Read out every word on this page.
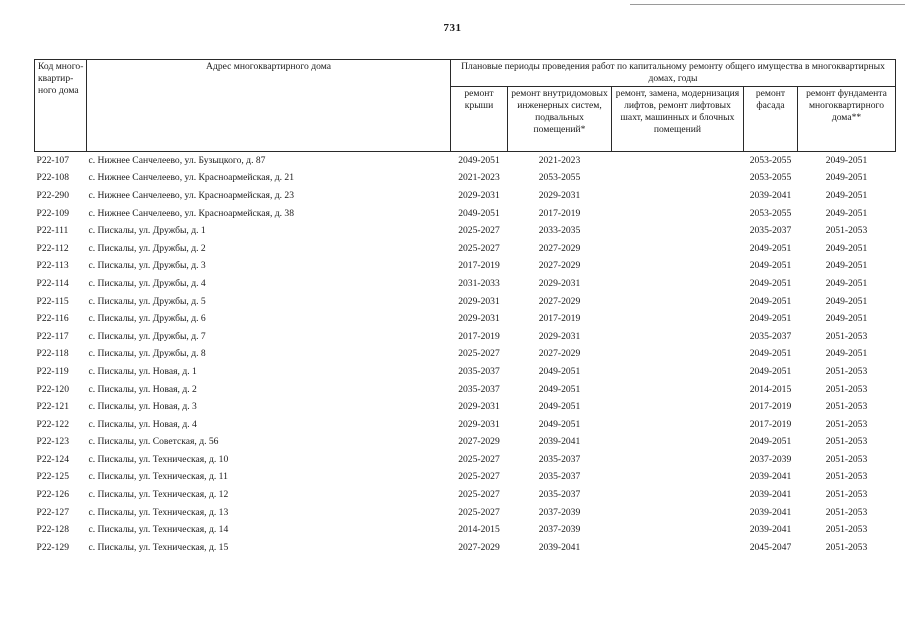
731
Код много-квартир-ного дома	Адрес многоквартирного дома	Плановые периоды проведения работ по капитальному ремонту общего имущества в многоквартирных домах, годы				
		ремонт крыши	ремонт внутридомовых инженерных систем, подвальных помещений*	ремонт, замена, модернизация лифтов, ремонт лифтовых шахт, машинных и блочных помещений	ремонт фасада	ремонт фундамента многоквартирного дома**
Р22-107	с. Нижнее Санчелеево, ул. Бузыцкого, д. 87	2049-2051	2021-2023		2053-2055	2049-2051
Р22-108	с. Нижнее Санчелеево, ул. Красноармейская, д. 21	2021-2023	2053-2055		2053-2055	2049-2051
Р22-290	с. Нижнее Санчелеево, ул. Красноармейская, д. 23	2029-2031	2029-2031		2039-2041	2049-2051
Р22-109	с. Нижнее Санчелеево, ул. Красноармейская, д. 38	2049-2051	2017-2019		2053-2055	2049-2051
Р22-111	с. Пискалы, ул. Дружбы, д. 1	2025-2027	2033-2035		2035-2037	2051-2053
Р22-112	с. Пискалы, ул. Дружбы, д. 2	2025-2027	2027-2029		2049-2051	2049-2051
Р22-113	с. Пискалы, ул. Дружбы, д. 3	2017-2019	2027-2029		2049-2051	2049-2051
Р22-114	с. Пискалы, ул. Дружбы, д. 4	2031-2033	2029-2031		2049-2051	2049-2051
Р22-115	с. Пискалы, ул. Дружбы, д. 5	2029-2031	2027-2029		2049-2051	2049-2051
Р22-116	с. Пискалы, ул. Дружбы, д. 6	2029-2031	2017-2019		2049-2051	2049-2051
Р22-117	с. Пискалы, ул. Дружбы, д. 7	2017-2019	2029-2031		2035-2037	2051-2053
Р22-118	с. Пискалы, ул. Дружбы, д. 8	2025-2027	2027-2029		2049-2051	2049-2051
Р22-119	с. Пискалы, ул. Новая, д. 1	2035-2037	2049-2051		2049-2051	2051-2053
Р22-120	с. Пискалы, ул. Новая, д. 2	2035-2037	2049-2051		2014-2015	2051-2053
Р22-121	с. Пискалы, ул. Новая, д. 3	2029-2031	2049-2051		2017-2019	2051-2053
Р22-122	с. Пискалы, ул. Новая, д. 4	2029-2031	2049-2051		2017-2019	2051-2053
Р22-123	с. Пискалы, ул. Советская, д. 56	2027-2029	2039-2041		2049-2051	2051-2053
Р22-124	с. Пискалы, ул. Техническая, д. 10	2025-2027	2035-2037		2037-2039	2051-2053
Р22-125	с. Пискалы, ул. Техническая, д. 11	2025-2027	2035-2037		2039-2041	2051-2053
Р22-126	с. Пискалы, ул. Техническая, д. 12	2025-2027	2035-2037		2039-2041	2051-2053
Р22-127	с. Пискалы, ул. Техническая, д. 13	2025-2027	2037-2039		2039-2041	2051-2053
Р22-128	с. Пискалы, ул. Техническая, д. 14	2014-2015	2037-2039		2039-2041	2051-2053
Р22-129	с. Пискалы, ул. Техническая, д. 15	2027-2029	2039-2041		2045-2047	2051-2053
